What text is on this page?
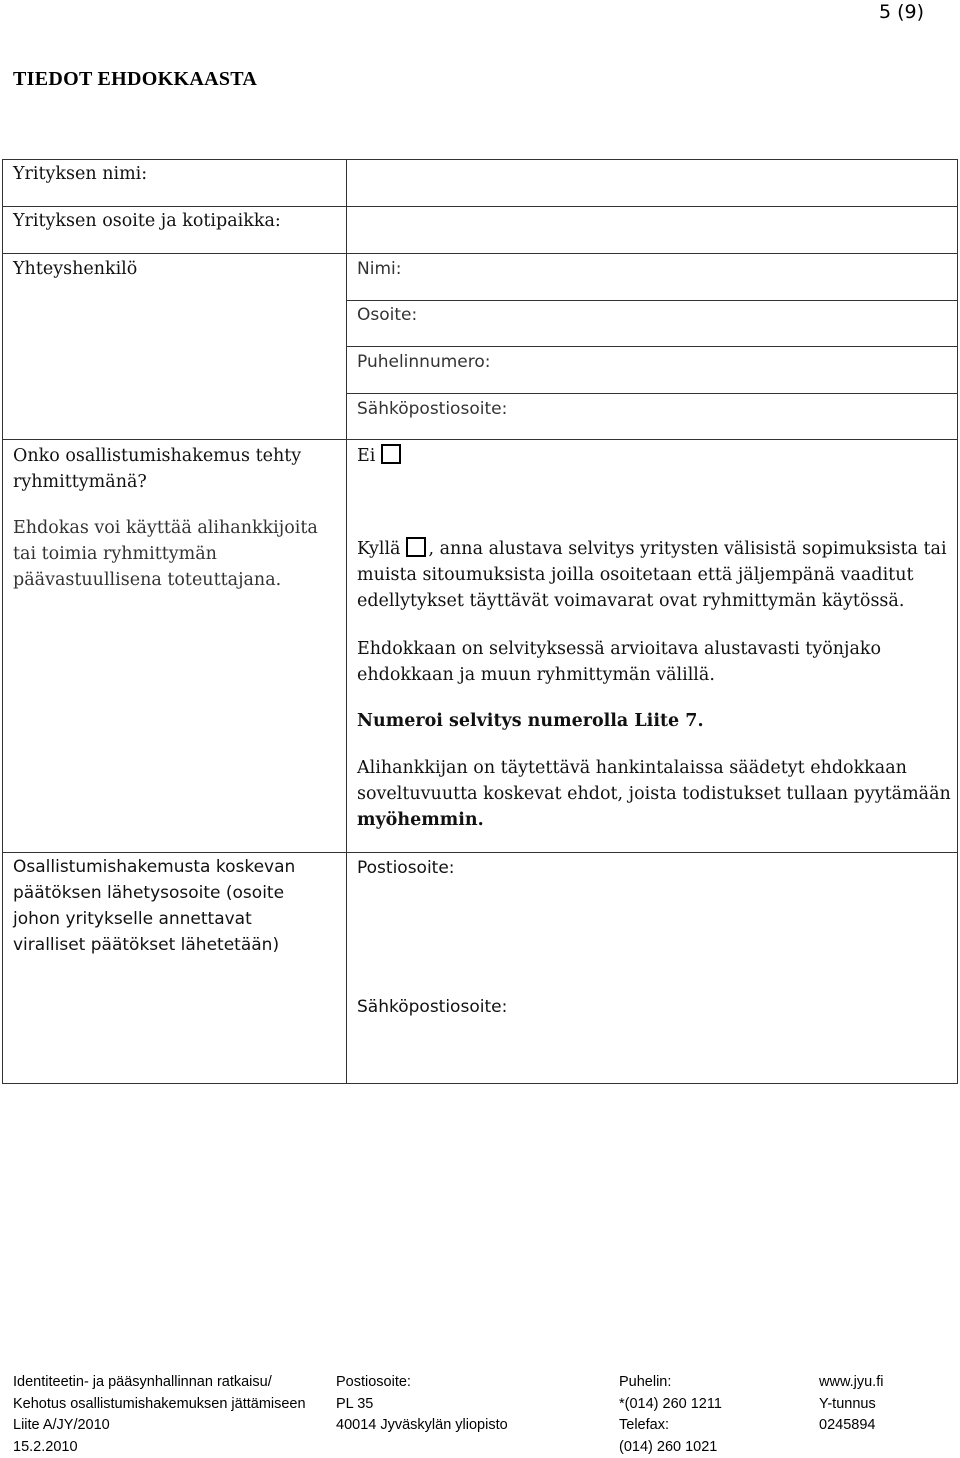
5 (9)
TIEDOT EHDOKKAASTA
Yrityksen nimi:
Yrityksen osoite ja kotipaikka:
Yhteyshenkilö
Onko osallistumishakemus tehty ryhmittymänä?
Ehdokas voi käyttää alihankkijoita tai toimia ryhmittymän päävastuullisena toteuttajana.
Osallistumishakemusta koskevan
päätöksen lähetysosoite (osoite
johon yritykselle annettavat
viralliset päätökset lähetetään)
Nimi:
Osoite:
Puhelinnumero:
Sähköpostiosoite:
Ei
Kyllä , anna alustava selvitys yritysten välisistä sopimuksista tai
muista sitoumuksista joilla osoitetaan että jäljempänä vaaditut
edellytykset täyttävät voimavarat ovat ryhmittymän käytössä.
Ehdokkaan on selvityksessä arvioitava alustavasti työnjako
ehdokkaan ja muun ryhmittymän välillä.
Numeroi selvitys numerolla Liite 7.
Alihankkijan on täytettävä hankintalaissa säädetyt ehdokkaan
soveltuvuutta koskevat ehdot, joista todistukset tullaan pyytämään
myöhemmin.
Postiosoite:
Sähköpostiosoite:
Identiteetin- ja pääsynhallinnan ratkaisu/
Kehotus osallistumishakemuksen jättämiseen
Liite A/JY/2010
15.2.2010
Postiosoite:
PL 35
40014 Jyväskylän yliopisto
Puhelin:
*(014) 260 1211
Telefax:
(014) 260 1021
www.jyu.fi
Y-tunnus
0245894
